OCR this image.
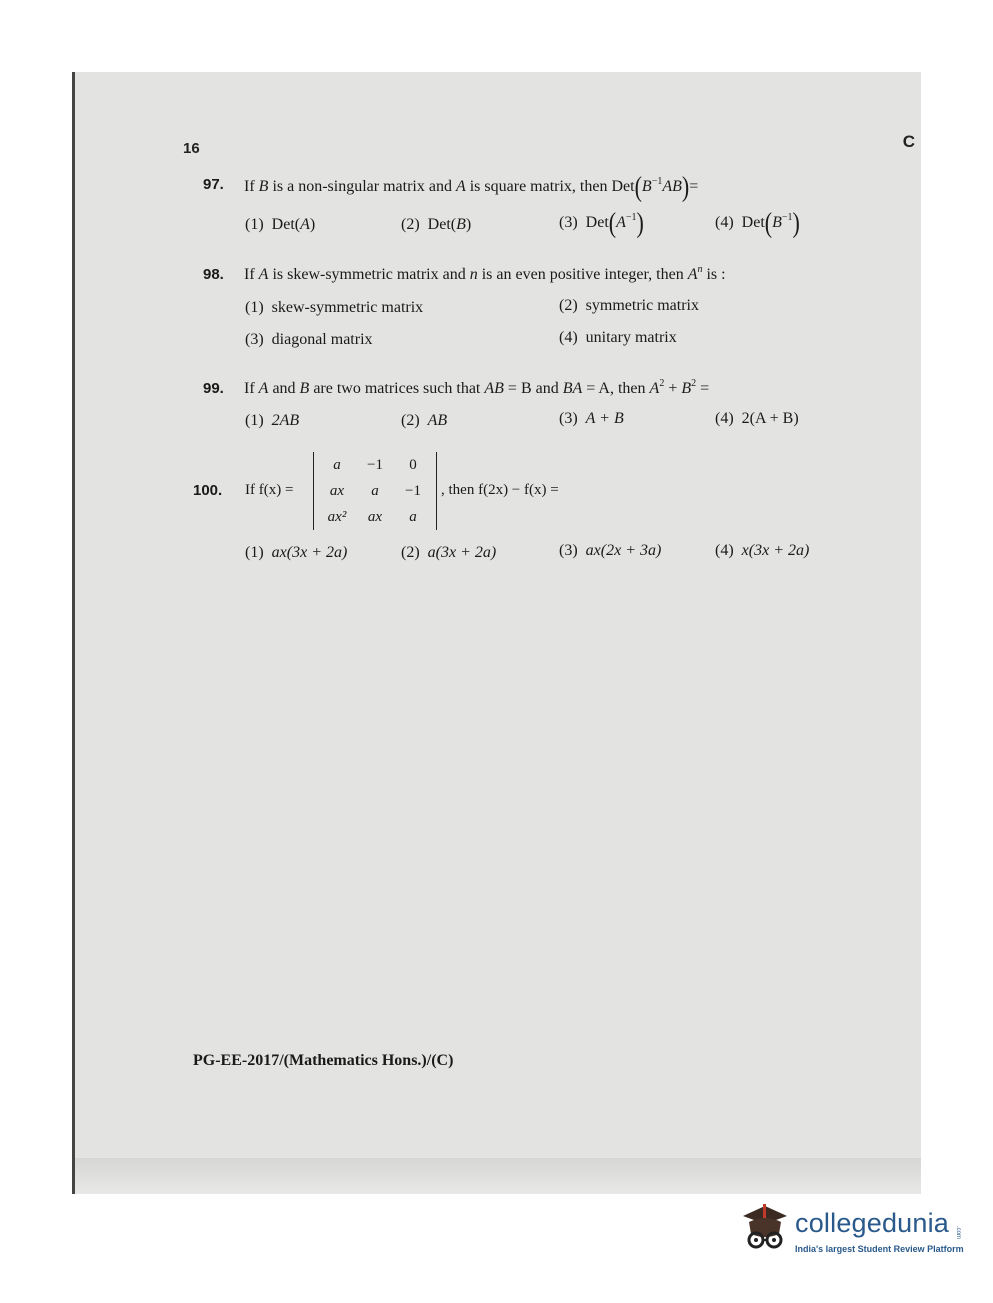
16	C
97. If B is a non-singular matrix and A is square matrix, then $Det(B^{-1}AB)=$
(1) Det(A)	(2) Det(B)	(3) $Det(A^{-1})$	(4) $Det(B^{-1})$
98. If A is skew-symmetric matrix and n is an even positive integer, then $A^n$ is :
(1) skew-symmetric matrix	(2) symmetric matrix
(3) diagonal matrix	(4) unitary matrix
99. If A and B are two matrices such that AB = B and BA = A, then $A^2 + B^2$ =
(1) 2AB	(2) AB	(3) A + B	(4) 2(A + B)
100. If f(x) =
a	−1	0
ax	a	−1
ax²	ax	a
, then f(2x) − f(x) =
(1) ax(3x + 2a)	(2) a(3x + 2a)	(3) ax(2x + 3a)	(4) x(3x + 2a)
PG-EE-2017/(Mathematics Hons.)/(C)
collegedunia .com
India's largest Student Review Platform
